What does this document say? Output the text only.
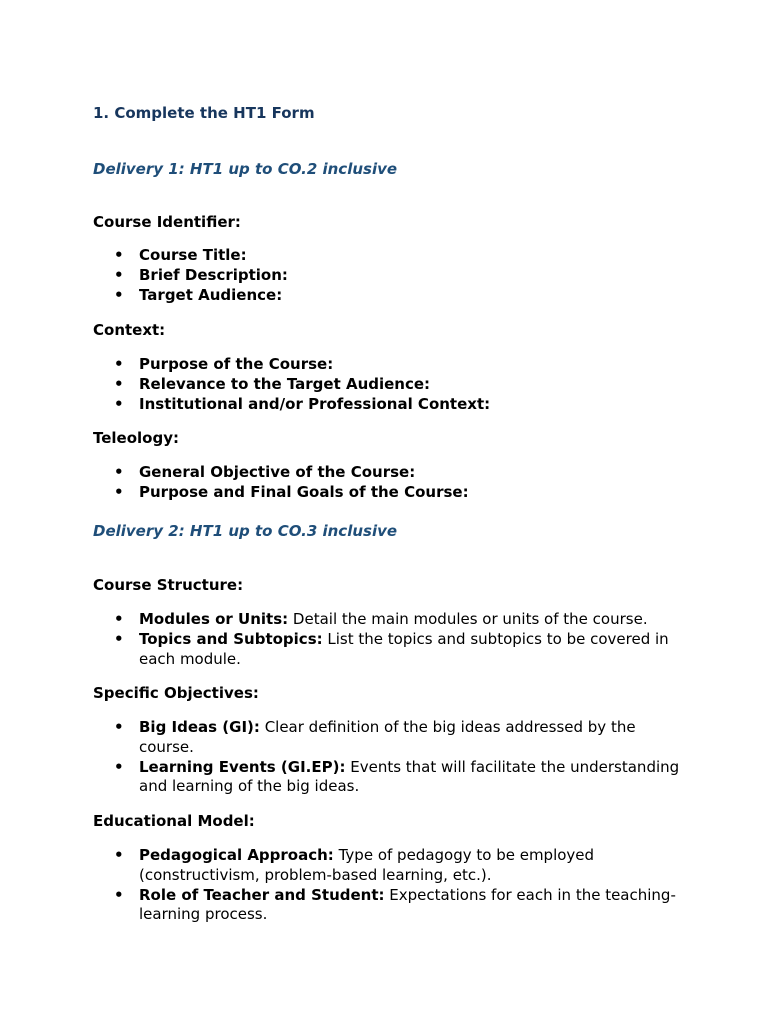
1. Complete the HT1 Form
Delivery 1: HT1 up to CO.2 inclusive
Course Identifier:
• Course Title:
• Brief Description:
• Target Audience:
Context:
• Purpose of the Course:
• Relevance to the Target Audience:
• Institutional and/or Professional Context:
Teleology:
• General Objective of the Course:
• Purpose and Final Goals of the Course:
Delivery 2: HT1 up to CO.3 inclusive
Course Structure:
• Modules or Units: Detail the main modules or units of the course.
• Topics and Subtopics: List the topics and subtopics to be covered in each module.
Specific Objectives:
• Big Ideas (GI): Clear definition of the big ideas addressed by the course.
• Learning Events (GI.EP): Events that will facilitate the understanding and learning of the big ideas.
Educational Model:
• Pedagogical Approach: Type of pedagogy to be employed (constructivism, problem-based learning, etc.).
• Role of Teacher and Student: Expectations for each in the teaching-learning process.
